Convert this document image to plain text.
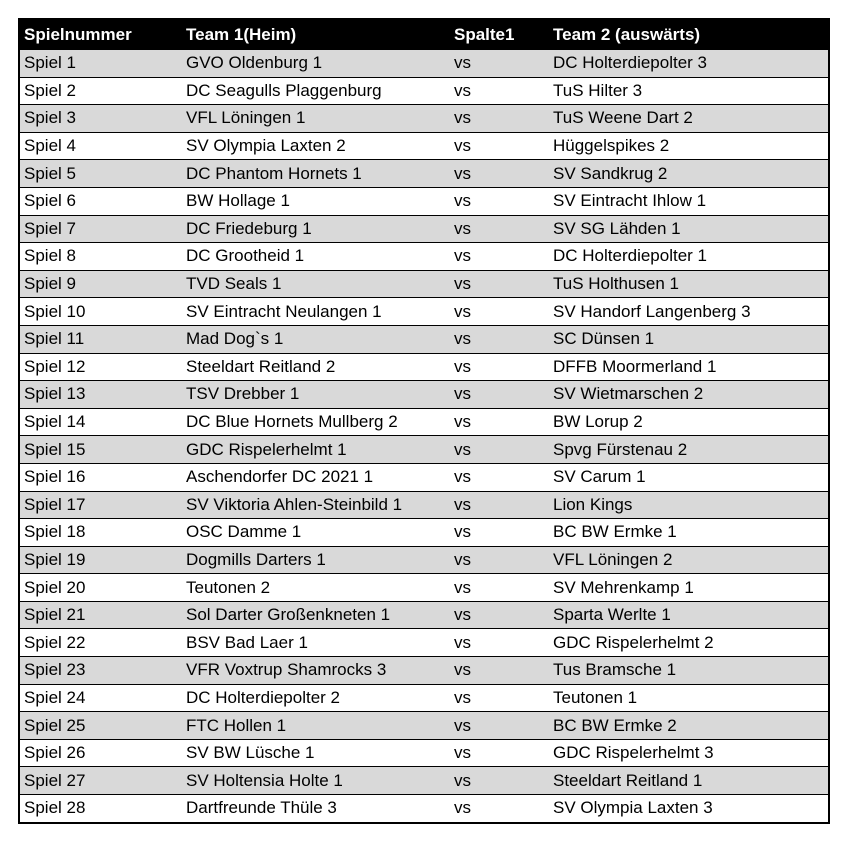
Spielnummer	Team 1(Heim)	Spalte1	Team 2 (auswärts)
Spiel 1	GVO Oldenburg 1	vs	DC Holterdiepolter 3
Spiel 2	DC Seagulls Plaggenburg	vs	TuS Hilter 3
Spiel 3	VFL Löningen 1	vs	TuS Weene Dart 2
Spiel 4	SV Olympia Laxten 2	vs	Hüggelspikes 2
Spiel 5	DC Phantom Hornets 1	vs	SV Sandkrug 2
Spiel 6	BW Hollage 1	vs	SV Eintracht Ihlow 1
Spiel 7	DC Friedeburg 1	vs	SV SG Lähden 1
Spiel 8	DC Grootheid 1	vs	DC Holterdiepolter 1
Spiel 9	TVD Seals 1	vs	TuS Holthusen 1
Spiel 10	SV Eintracht Neulangen 1	vs	SV Handorf Langenberg 3
Spiel 11	Mad Dog`s 1	vs	SC Dünsen 1
Spiel 12	Steeldart Reitland 2	vs	DFFB Moormerland 1
Spiel 13	TSV Drebber 1	vs	SV Wietmarschen 2
Spiel 14	DC Blue Hornets Mullberg 2	vs	BW Lorup 2
Spiel 15	GDC Rispelerhelmt 1	vs	Spvg Fürstenau 2
Spiel 16	Aschendorfer DC 2021 1	vs	SV Carum 1
Spiel 17	SV Viktoria Ahlen-Steinbild 1	vs	Lion Kings
Spiel 18	OSC Damme 1	vs	BC BW Ermke 1
Spiel 19	Dogmills Darters 1	vs	VFL Löningen 2
Spiel 20	Teutonen 2	vs	SV Mehrenkamp 1
Spiel 21	Sol Darter Großenkneten 1	vs	Sparta Werlte 1
Spiel 22	BSV Bad Laer 1	vs	GDC Rispelerhelmt 2
Spiel 23	VFR Voxtrup Shamrocks 3	vs	Tus Bramsche 1
Spiel 24	DC Holterdiepolter 2	vs	Teutonen 1
Spiel 25	FTC Hollen 1	vs	BC BW Ermke 2
Spiel 26	SV BW Lüsche 1	vs	GDC Rispelerhelmt 3
Spiel 27	SV Holtensia Holte 1	vs	Steeldart Reitland 1
Spiel 28	Dartfreunde Thüle 3	vs	SV Olympia Laxten 3
